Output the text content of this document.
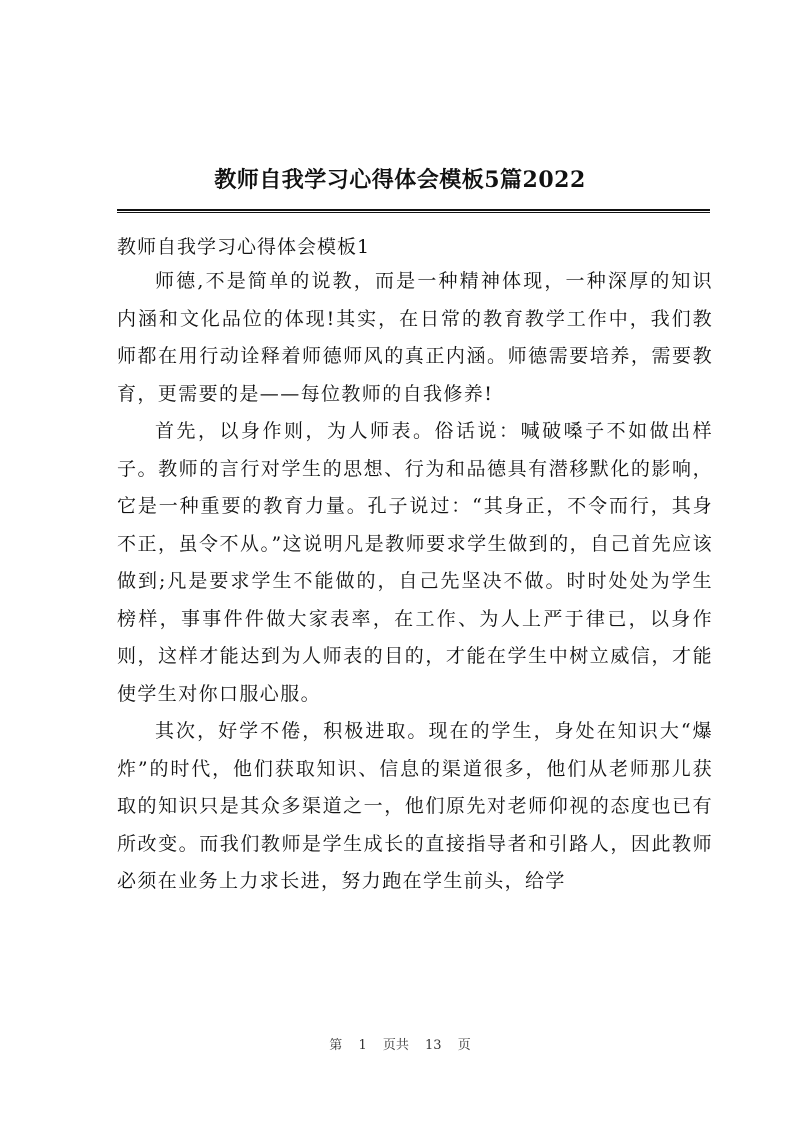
教师自我学习心得体会模板5篇2022
教师自我学习心得体会模板1

师德,不是简单的说教，而是一种精神体现，一种深厚的知识内涵和文化品位的体现!其实，在日常的教育教学工作中，我们教师都在用行动诠释着师德师风的真正内涵。师德需要培养，需要教育，更需要的是——每位教师的自我修养!

首先，以身作则，为人师表。俗话说：喊破嗓子不如做出样子。教师的言行对学生的思想、行为和品德具有潜移默化的影响，它是一种重要的教育力量。孔子说过：“其身正，不令而行，其身不正，虽令不从。”这说明凡是教师要求学生做到的，自己首先应该做到;凡是要求学生不能做的，自己先坚决不做。时时处处为学生榜样，事事件件做大家表率，在工作、为人上严于律已，以身作则，这样才能达到为人师表的目的，才能在学生中树立威信，才能使学生对你口服心服。

其次，好学不倦，积极进取。现在的学生，身处在知识大“爆炸”的时代，他们获取知识、信息的渠道很多，他们从老师那儿获取的知识只是其众多渠道之一，他们原先对老师仰视的态度也已有所改变。而我们教师是学生成长的直接指导者和引路人，因此教师必须在业务上力求长进，努力跑在学生前头，给学

第 1 页共 13 页
